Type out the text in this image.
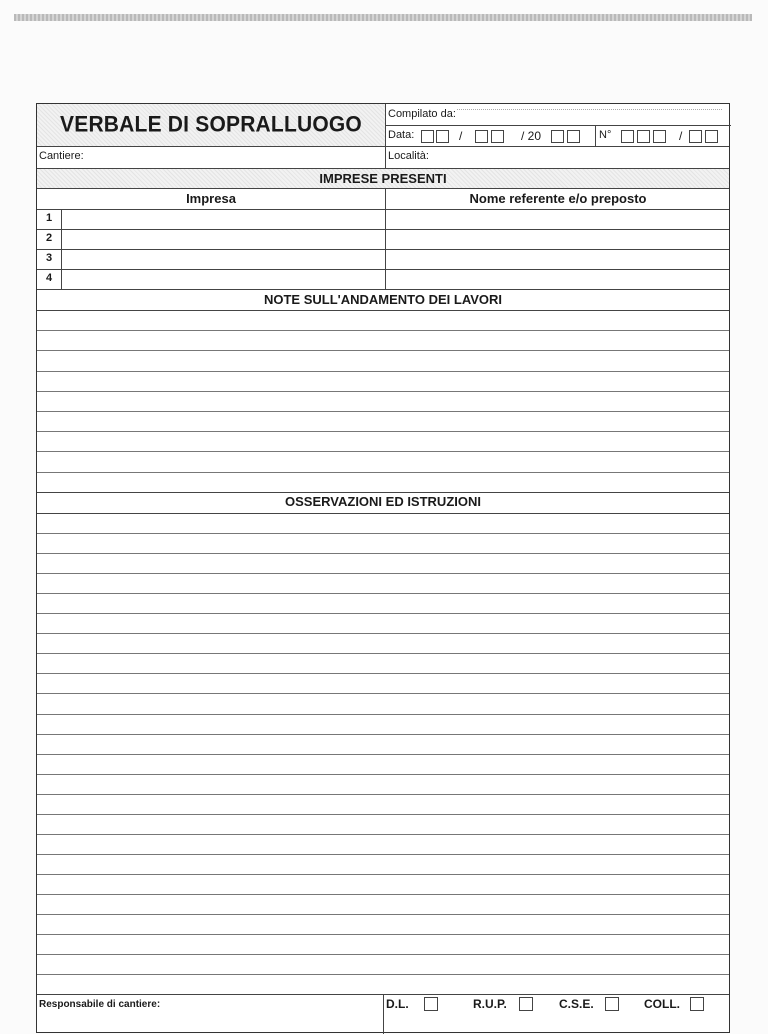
VERBALE DI SOPRALLUOGO	Compilato da:
Data:	/	/ 20	N°	/
Cantiere:	Località:
IMPRESE PRESENTI
Impresa	Nome referente e/o preposto
1
2
3
4
NOTE SULL'ANDAMENTO DEI LAVORI
OSSERVAZIONI ED ISTRUZIONI
Responsabile di cantiere:	D.L.	R.U.P.	C.S.E.	COLL.
